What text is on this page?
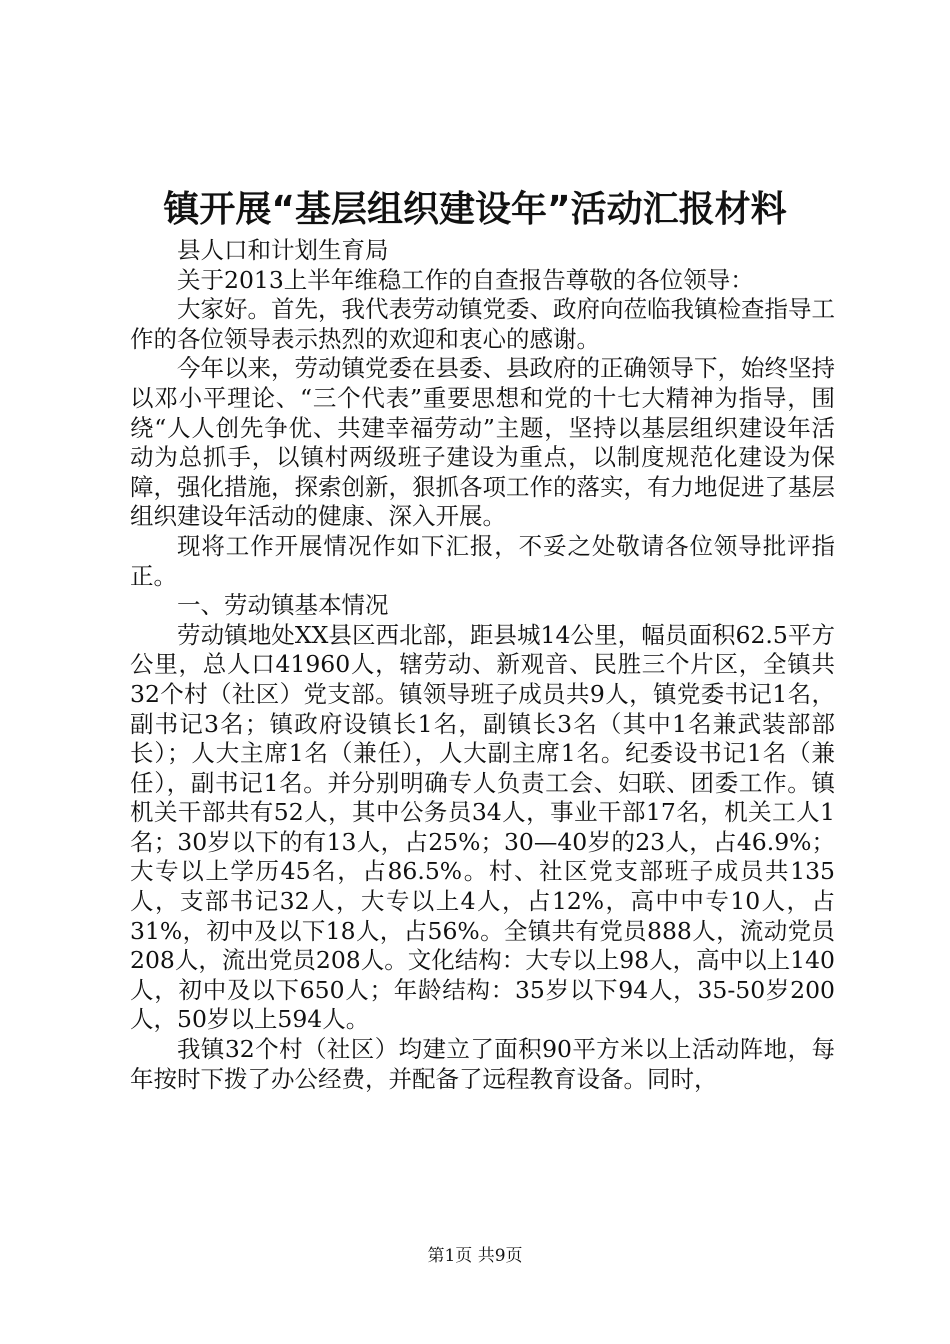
镇开展“基层组织建设年”活动汇报材料

县人口和计划生育局

关于2013上半年维稳工作的自查报告尊敬的各位领导：

大家好。首先，我代表劳动镇党委、政府向莅临我镇检查指导工作的各位领导表示热烈的欢迎和衷心的感谢。

今年以来，劳动镇党委在县委、县政府的正确领导下，始终坚持以邓小平理论、“三个代表”重要思想和党的十七大精神为指导，围绕“人人创先争优、共建幸福劳动”主题，坚持以基层组织建设年活动为总抓手，以镇村两级班子建设为重点，以制度规范化建设为保障，强化措施，探索创新，狠抓各项工作的落实，有力地促进了基层组织建设年活动的健康、深入开展。

现将工作开展情况作如下汇报，不妥之处敬请各位领导批评指正。

一、劳动镇基本情况

劳动镇地处XX县区西北部，距县城14公里，幅员面积62.5平方公里，总人口41960人，辖劳动、新观音、民胜三个片区，全镇共32个村（社区）党支部。镇领导班子成员共9人，镇党委书记1名，副书记3名；镇政府设镇长1名，副镇长3名（其中1名兼武装部部长）；人大主席1名（兼任），人大副主席1名。纪委设书记1名（兼任），副书记1名。并分别明确专人负责工会、妇联、团委工作。镇机关干部共有52人，其中公务员34人，事业干部17名，机关工人1名；30岁以下的有13人，占25%；30—40岁的23人，占46.9%；大专以上学历45名，占86.5%。村、社区党支部班子成员共135人，支部书记32人，大专以上4人，占12%，高中中专10人，占31%，初中及以下18人，占56%。全镇共有党员888人，流动党员208人，流出党员208人。文化结构：大专以上98人，高中以上140人，初中及以下650人；年龄结构：35岁以下94人，35-50岁200人，50岁以上594人。

我镇32个村（社区）均建立了面积90平方米以上活动阵地，每年按时下拨了办公经费，并配备了远程教育设备。同时，

第1页 共9页
